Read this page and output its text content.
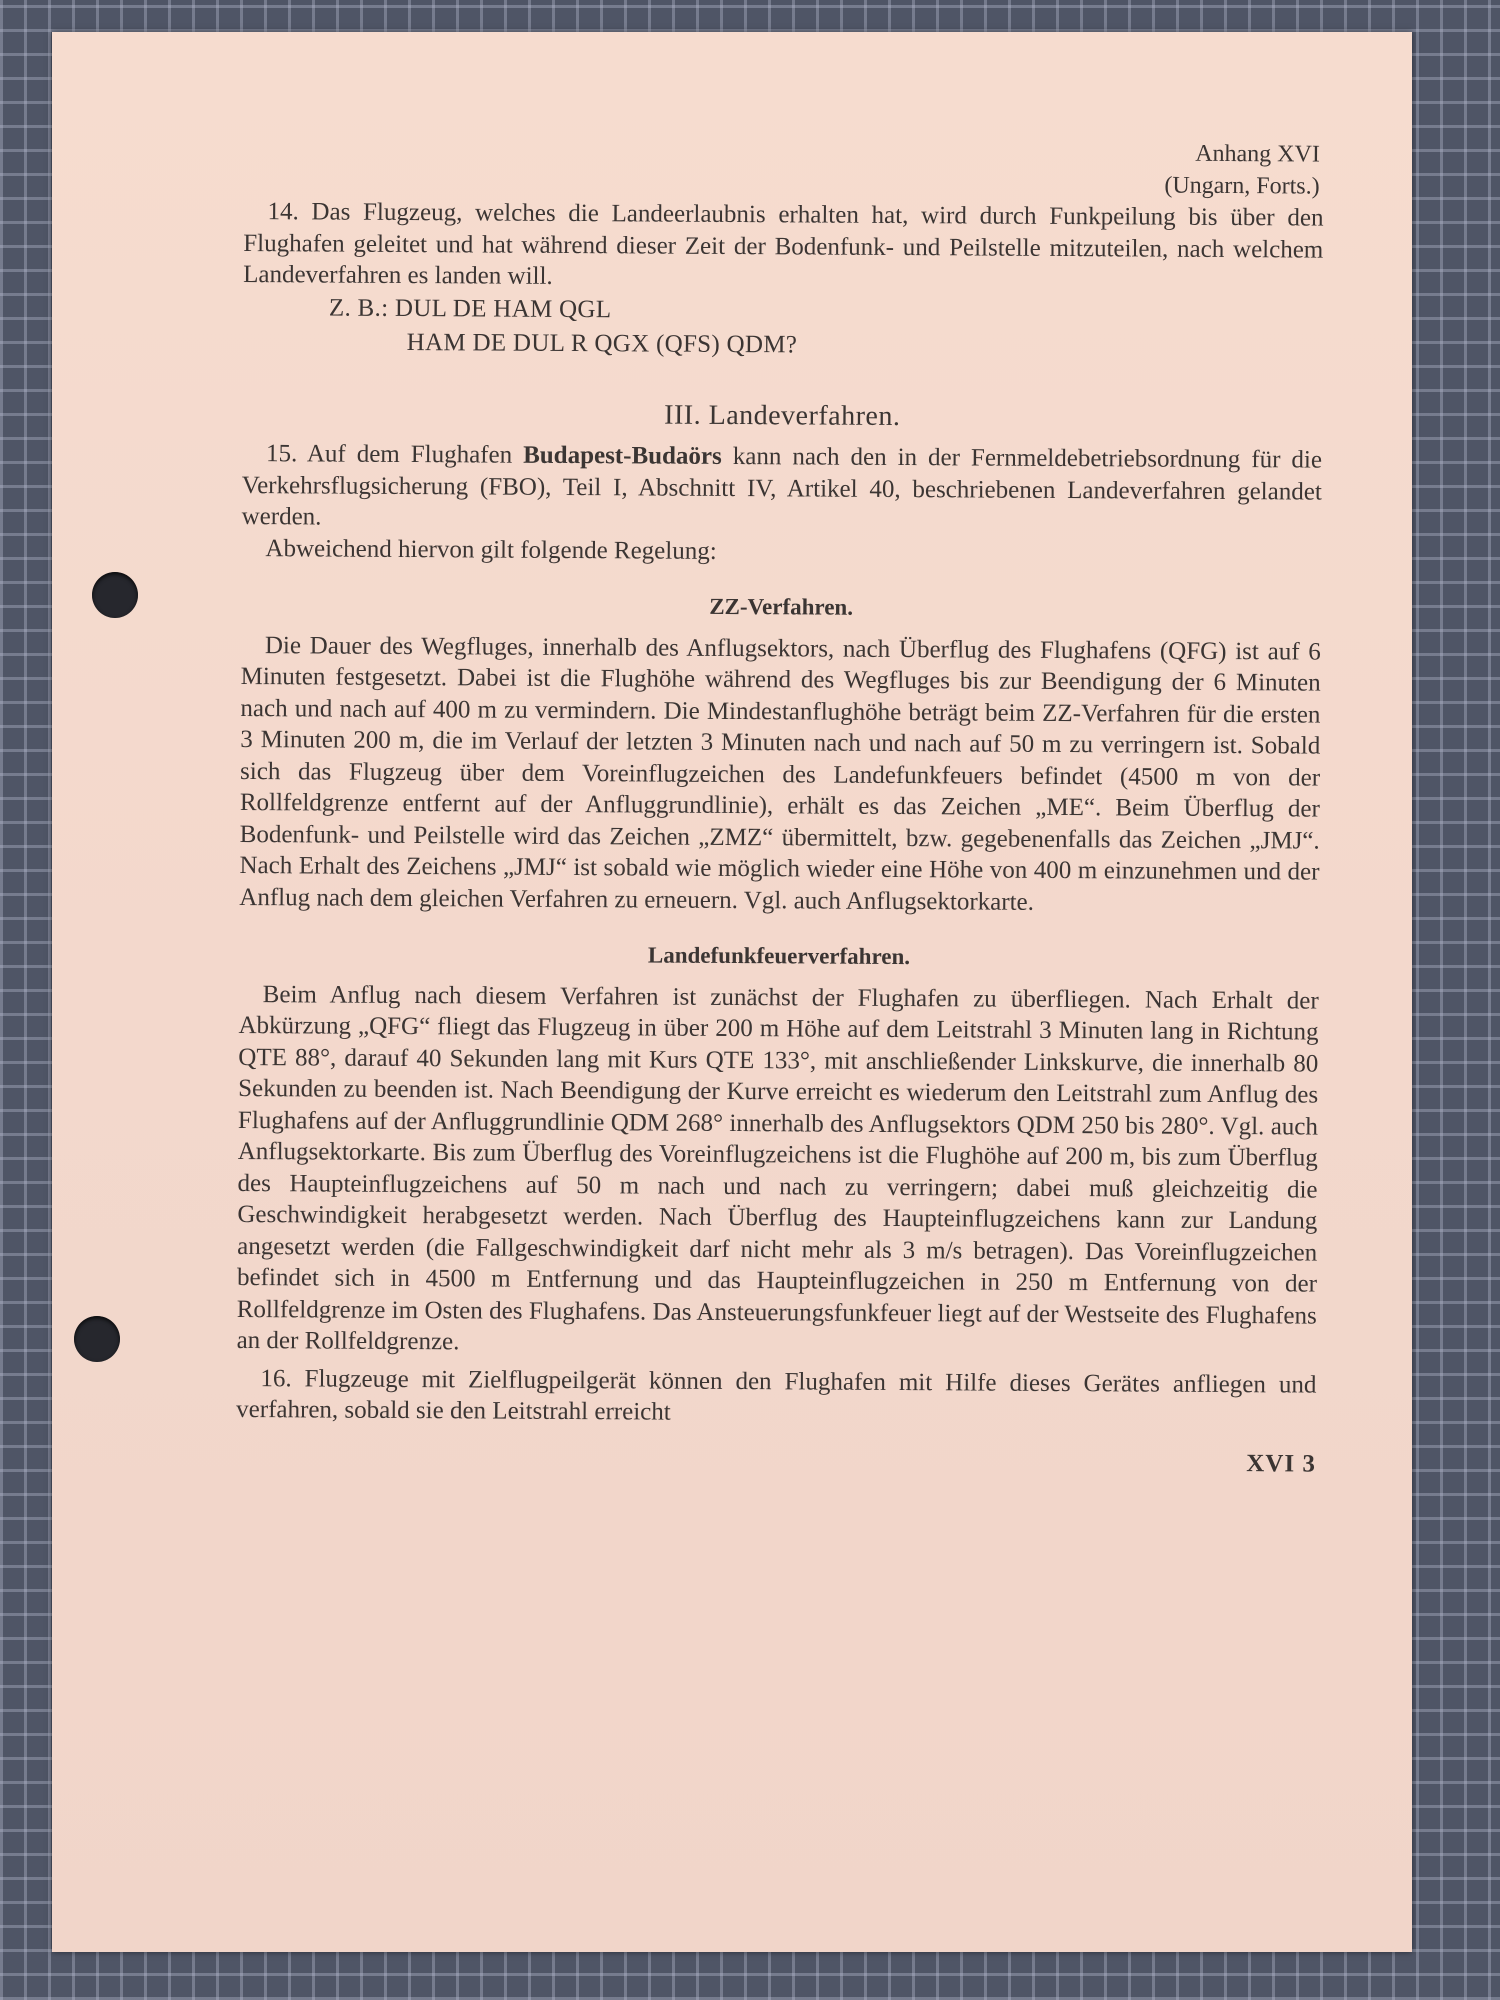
Anhang XVI
(Ungarn, Forts.)

14. Das Flugzeug, welches die Landeerlaubnis erhalten hat, wird durch Funkpeilung bis über den Flughafen geleitet und hat während dieser Zeit der Bodenfunk- und Peilstelle mitzuteilen, nach welchem Landeverfahren es landen will.

Z. B.: DUL DE HAM QGL
HAM DE DUL R QGX (QFS) QDM?
III. Landeverfahren.

15. Auf dem Flughafen Budapest-Budaörs kann nach den in der Fernmeldebetriebsordnung für die Verkehrsflugsicherung (FBO), Teil I, Abschnitt IV, Artikel 40, beschriebenen Landeverfahren gelandet werden.

Abweichend hiervon gilt folgende Regelung:

ZZ-Verfahren.

Die Dauer des Wegfluges, innerhalb des Anflugsektors, nach Überflug des Flughafens (QFG) ist auf 6 Minuten festgesetzt. Dabei ist die Flughöhe während des Wegfluges bis zur Beendigung der 6 Minuten nach und nach auf 400 m zu vermindern. Die Mindestanflughöhe beträgt beim ZZ-Verfahren für die ersten 3 Minuten 200 m, die im Verlauf der letzten 3 Minuten nach und nach auf 50 m zu verringern ist. Sobald sich das Flugzeug über dem Voreinflugzeichen des Landefunkfeuers befindet (4500 m von der Rollfeldgrenze entfernt auf der Anfluggrundlinie), erhält es das Zeichen „ME“. Beim Überflug der Bodenfunk- und Peilstelle wird das Zeichen „ZMZ“ übermittelt, bzw. gegebenenfalls das Zeichen „JMJ“. Nach Erhalt des Zeichens „JMJ“ ist sobald wie möglich wieder eine Höhe von 400 m einzunehmen und der Anflug nach dem gleichen Verfahren zu erneuern. Vgl. auch Anflugsektorkarte.

Landefunkfeuerverfahren.

Beim Anflug nach diesem Verfahren ist zunächst der Flughafen zu überfliegen. Nach Erhalt der Abkürzung „QFG“ fliegt das Flugzeug in über 200 m Höhe auf dem Leitstrahl 3 Minuten lang in Richtung QTE 88°, darauf 40 Sekunden lang mit Kurs QTE 133°, mit anschließender Linkskurve, die innerhalb 80 Sekunden zu beenden ist. Nach Beendigung der Kurve erreicht es wiederum den Leitstrahl zum Anflug des Flughafens auf der Anfluggrundlinie QDM 268° innerhalb des Anflugsektors QDM 250 bis 280°. Vgl. auch Anflugsektorkarte. Bis zum Überflug des Voreinflugzeichens ist die Flughöhe auf 200 m, bis zum Überflug des Haupteinflugzeichens auf 50 m nach und nach zu verringern; dabei muß gleichzeitig die Geschwindigkeit herabgesetzt werden. Nach Überflug des Haupteinflugzeichens kann zur Landung angesetzt werden (die Fallgeschwindigkeit darf nicht mehr als 3 m/s betragen). Das Voreinflugzeichen befindet sich in 4500 m Entfernung und das Haupteinflugzeichen in 250 m Entfernung von der Rollfeldgrenze im Osten des Flughafens. Das Ansteuerungsfunkfeuer liegt auf der Westseite des Flughafens an der Rollfeldgrenze.

16. Flugzeuge mit Zielflugpeilgerät können den Flughafen mit Hilfe dieses Gerätes anfliegen und verfahren, sobald sie den Leitstrahl erreicht

XVI 3
